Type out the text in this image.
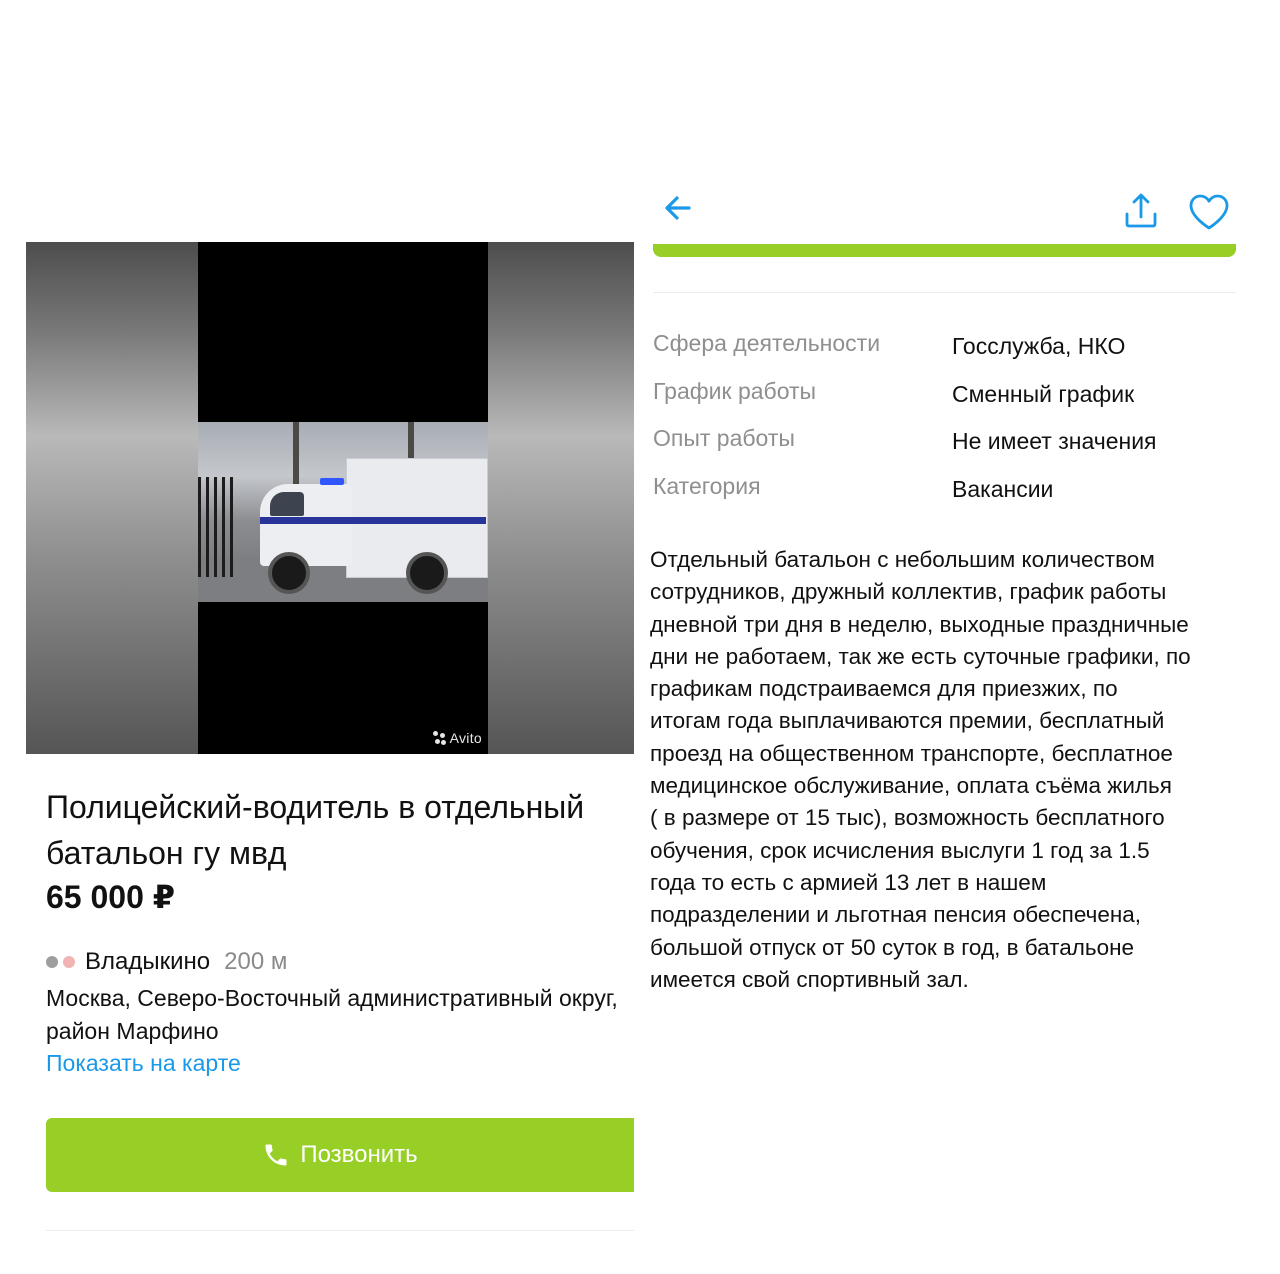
Avito
Полицейский-водитель в отдельный батальон гу мвд
65 000 ₽
Владыкино 200 м
Москва, Северо-Восточный административный округ, район Марфино
Показать на карте
Позвонить
Сфера деятельности	Госслужба, НКО
График работы	Сменный график
Опыт работы	Не имеет значения
Категория	Вакансии
Отдельный батальон с небольшим количеством
сотрудников, дружный коллектив, график работы
дневной три дня в неделю, выходные праздничные
дни не работаем, так же есть суточные графики, по
графикам подстраиваемся для приезжих, по
итогам года выплачиваются премии, бесплатный
проезд на общественном транспорте, бесплатное
медицинское обслуживание, оплата съёма жилья
( в размере от 15 тыс), возможность бесплатного
обучения, срок исчисления выслуги 1 год за 1.5
года то есть с армией 13 лет в нашем
подразделении и льготная пенсия обеспечена,
большой отпуск от 50 суток в год, в батальоне
имеется свой спортивный зал.
